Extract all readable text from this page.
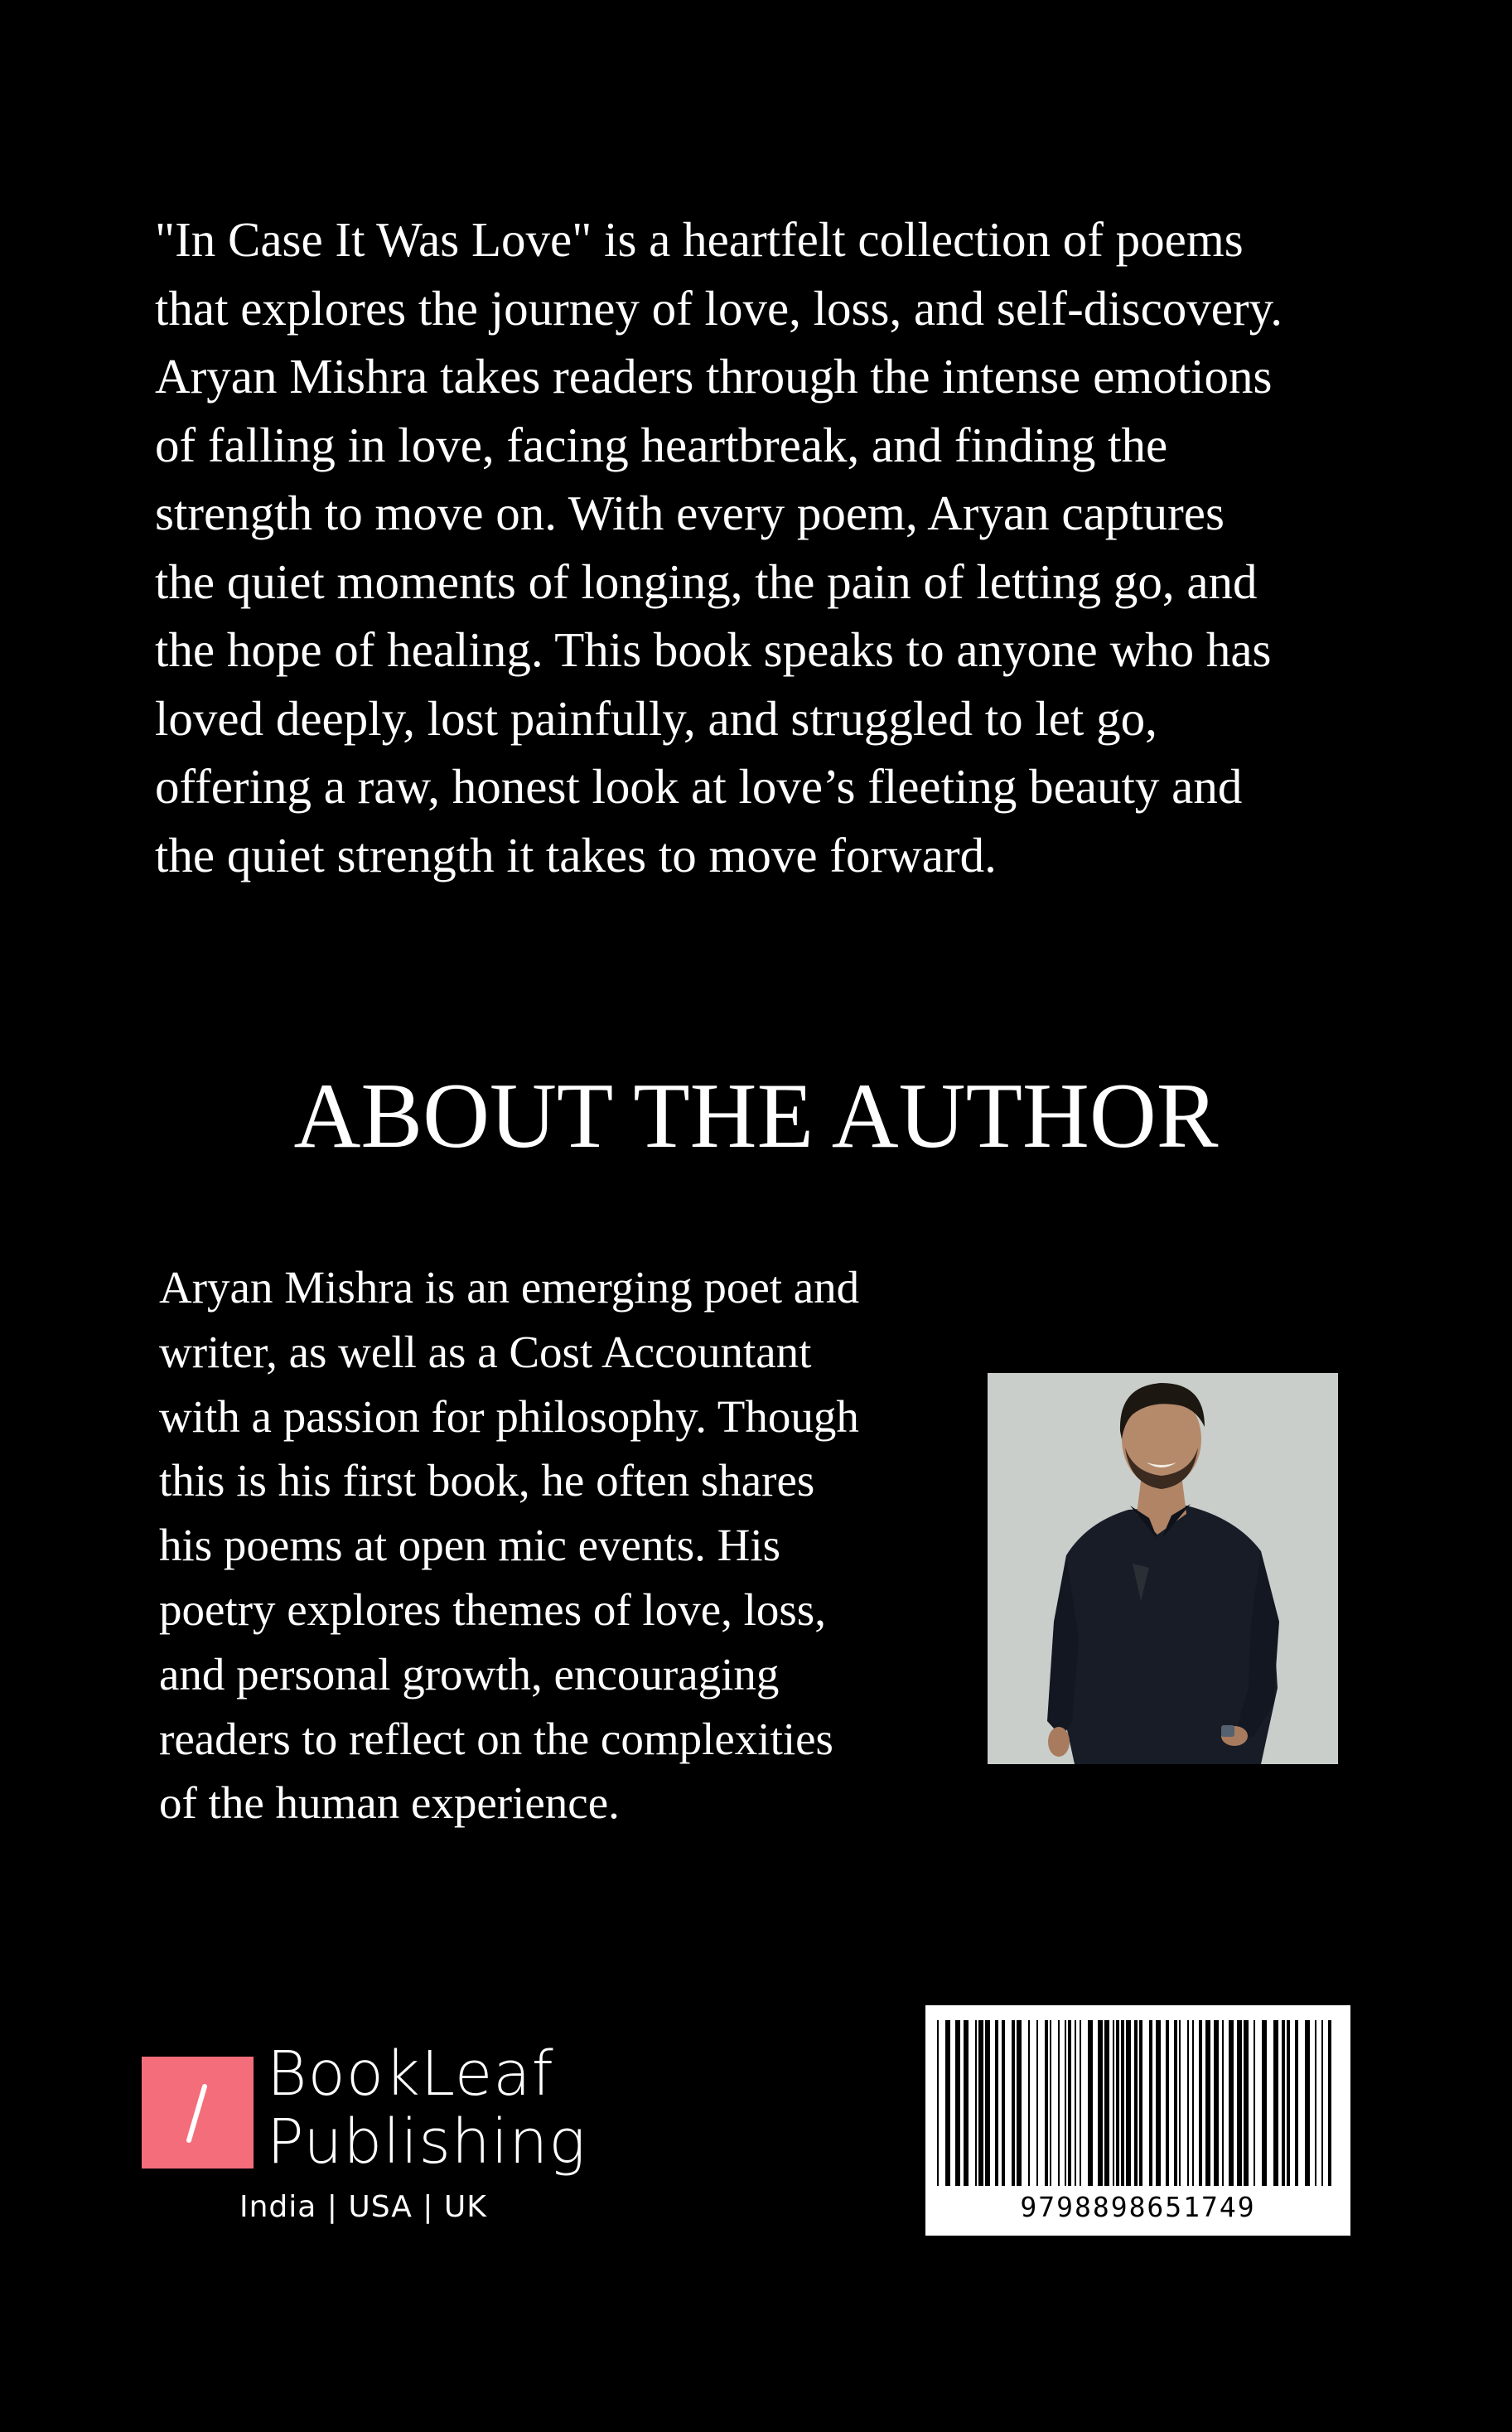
"In Case It Was Love" is a heartfelt collection of poems
that explores the journey of love, loss, and self-discovery.
Aryan Mishra takes readers through the intense emotions
of falling in love, facing heartbreak, and finding the
strength to move on. With every poem, Aryan captures
the quiet moments of longing, the pain of letting go, and
the hope of healing. This book speaks to anyone who has
loved deeply, lost painfully, and struggled to let go,
offering a raw, honest look at love’s fleeting beauty and
the quiet strength it takes to move forward.
ABOUT THE AUTHOR
Aryan Mishra is an emerging poet and
writer, as well as a Cost Accountant
with a passion for philosophy. Though
this is his first book, he often shares
his poems at open mic events. His
poetry explores themes of love, loss,
and personal growth, encouraging
readers to reflect on the complexities
of the human experience.
BookLeaf
Publishing
India | USA | UK	9798898651749
